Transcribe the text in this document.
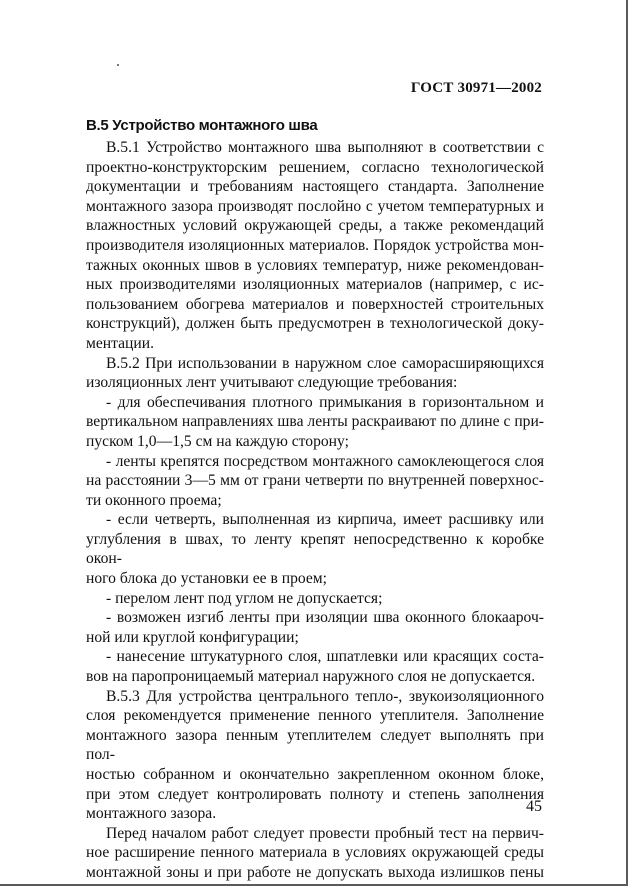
ГОСТ 30971—2002
В.5 Устройство монтажного шва

В.5.1 Устройство монтажного шва выполняют в соответствии с

проектно-конструкторским решением, согласно технологической

документации и требованиям настоящего стандарта. Заполнение

монтажного зазора производят послойно с учетом температурных и

влажностных условий окружающей среды, а также рекомендаций

производителя изоляционных материалов. Порядок устройства мон-

тажных оконных швов в условиях температур, ниже рекомендован-

ных производителями изоляционных материалов (например, с ис-

пользованием обогрева материалов и поверхностей строительных

конструкций), должен быть предусмотрен в технологической доку-

ментации.

В.5.2 При использовании в наружном слое саморасширяющихся

изоляционных лент учитывают следующие требования:

- для обеспечивания плотного примыкания в горизонтальном и

вертикальном направлениях шва ленты раскраивают по длине с при-

пуском 1,0—1,5 см на каждую сторону;

- ленты крепятся посредством монтажного самоклеющегося слоя

на расстоянии 3—5 мм от грани четверти по внутренней поверхнос-

ти оконного проема;

- если четверть, выполненная из кирпича, имеет расшивку или

углубления в швах, то ленту крепят непосредственно к коробке окон-

ного блока до установки ее в проем;

- перелом лент под углом не допускается;

- возможен изгиб ленты при изоляции шва оконного блокаароч-

ной или круглой конфигурации;

- нанесение штукатурного слоя, шпатлевки или красящих соста-

вов на паропроницаемый материал наружного слоя не допускается.

В.5.3 Для устройства центрального тепло-, звукоизоляционного

слоя рекомендуется применение пенного утеплителя. Заполнение

монтажного зазора пенным утеплителем следует выполнять при пол-

ностью собранном и окончательно закрепленном оконном блоке,

при этом следует контролировать полноту и степень заполнения

монтажного зазора.

Перед началом работ следует провести пробный тест на первич-

ное расширение пенного материала в условиях окружающей среды

монтажной зоны и при работе не допускать выхода излишков пены

45
